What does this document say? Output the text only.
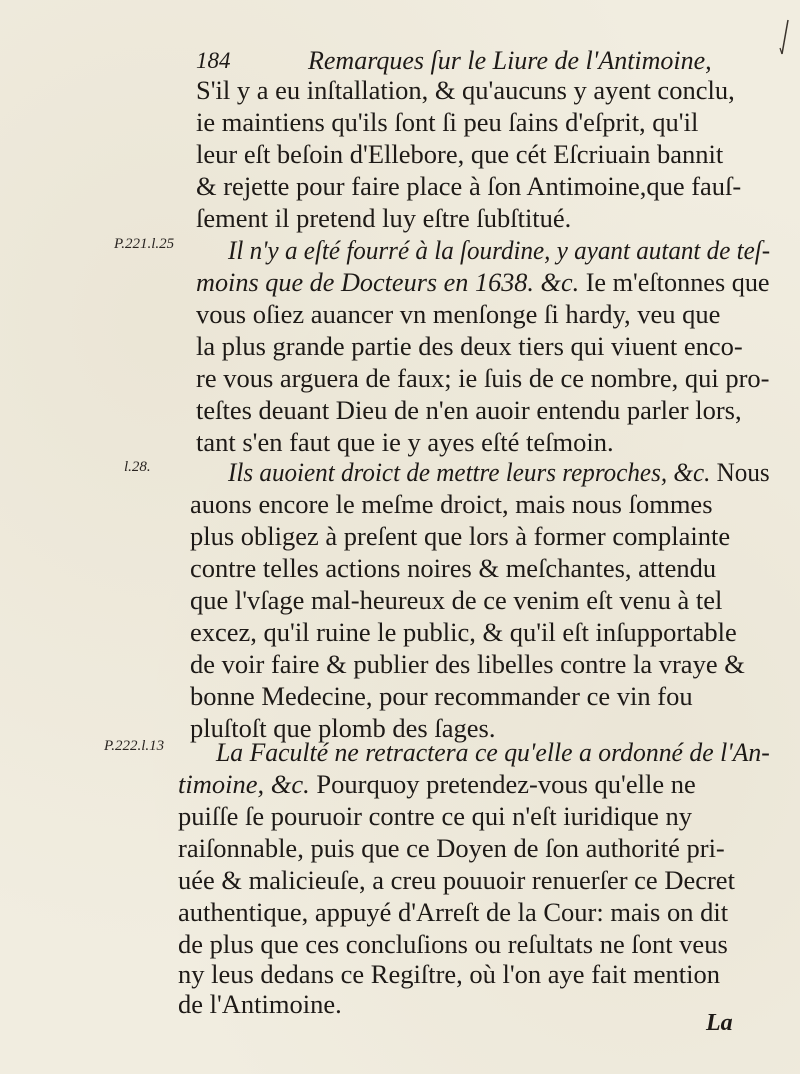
184	Remarques ſur le Liure de l'Antimoine,
P.221.l.25
l.28.
P.222.l.13
S'il y a eu inſtallation, & qu'aucuns y ayent conclu,
ie maintiens qu'ils ſont ſi peu ſains d'eſprit, qu'il
leur eſt beſoin d'Ellebore, que cét Eſcriuain bannit
& rejette pour faire place à ſon Antimoine,que fauſ-
ſement il pretend luy eſtre ſubſtitué.
Il n'y a eſté fourré à la ſourdine, y ayant autant de teſ-
moins que de Docteurs en 1638. &c. Ie m'eſtonnes que
vous oſiez auancer vn menſonge ſi hardy, veu que
la plus grande partie des deux tiers qui viuent enco-
re vous arguera de faux; ie ſuis de ce nombre, qui pro-
teſtes deuant Dieu de n'en auoir entendu parler lors,
tant s'en faut que ie y ayes eſté teſmoin.
Ils auoient droict de mettre leurs reproches, &c. Nous
auons encore le meſme droict, mais nous ſommes
plus obligez à preſent que lors à former complainte
contre telles actions noires & meſchantes, attendu
que l'vſage mal-heureux de ce venim eſt venu à tel
excez, qu'il ruine le public, & qu'il eſt inſupportable
de voir faire & publier des libelles contre la vraye &
bonne Medecine, pour recommander ce vin fou
pluſtoſt que plomb des ſages.
La Faculté ne retractera ce qu'elle a ordonné de l'An-
timoine, &c. Pourquoy pretendez-vous qu'elle ne
puiſſe ſe pouruoir contre ce qui n'eſt iuridique ny
raiſonnable, puis que ce Doyen de ſon authorité pri-
uée & malicieuſe, a creu pouuoir renuerſer ce Decret
authentique, appuyé d'Arreſt de la Cour: mais on dit
de plus que ces concluſions ou reſultats ne ſont veus
ny leus dedans ce Regiſtre, où l'on aye fait mention
de l'Antimoine.
La
